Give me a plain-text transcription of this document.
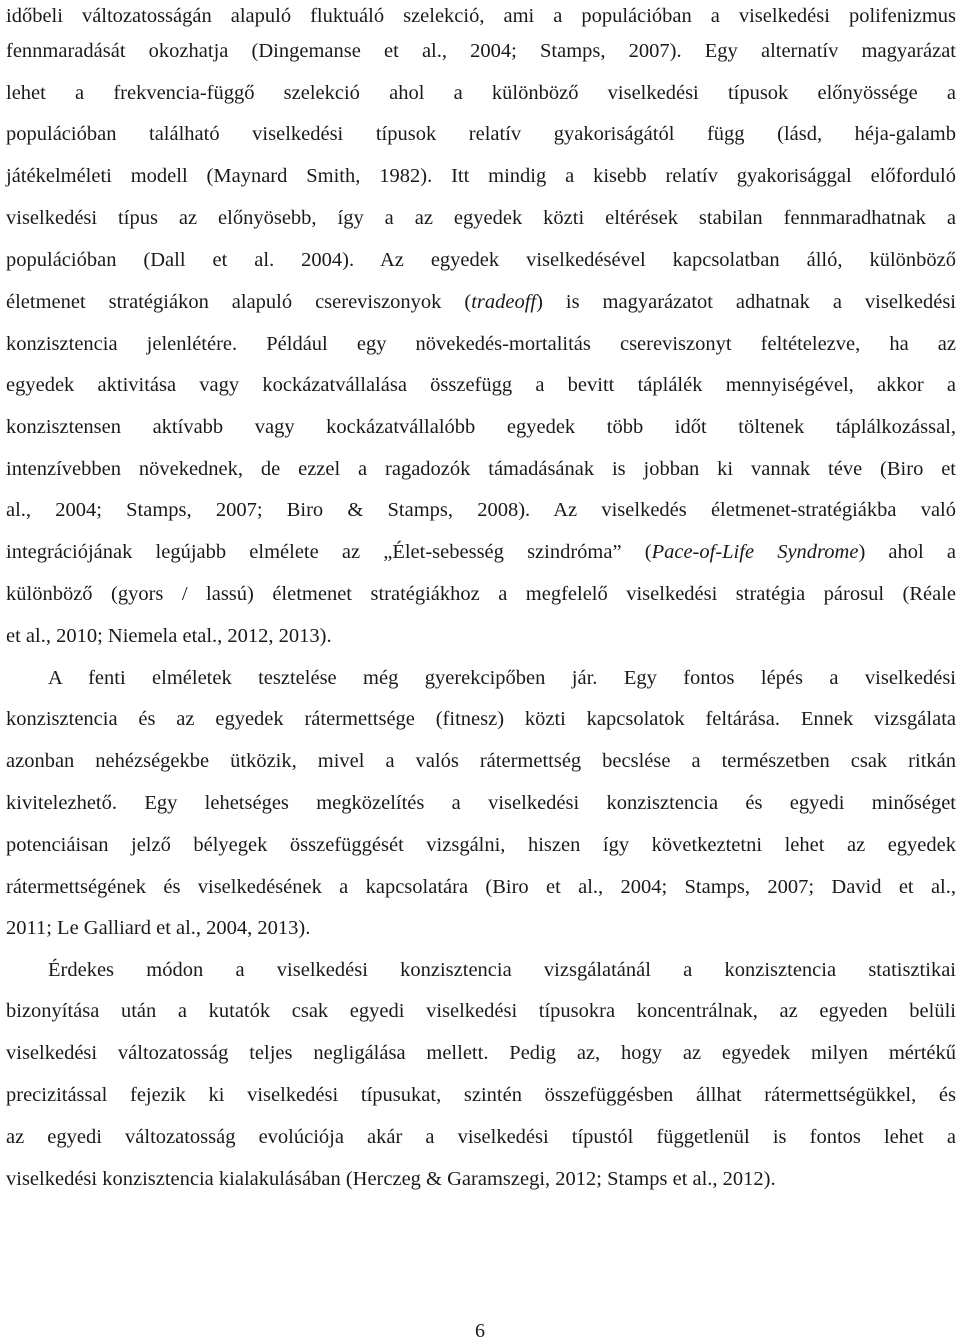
időbeli változatosságán alapuló fluktuáló szelekció, ami a populációban a viselkedési polifenizmus
fennmaradását okozhatja (Dingemanse et al., 2004; Stamps, 2007). Egy alternatív magyarázat
lehet a frekvencia-függő szelekció ahol a különböző viselkedési típusok előnyössége a
populációban található viselkedési típusok relatív gyakoriságától függ (lásd, héja-galamb
játékelméleti modell (Maynard Smith, 1982). Itt mindig a kisebb relatív gyakorisággal előforduló
viselkedési típus az előnyösebb, így a az egyedek közti eltérések stabilan fennmaradhatnak a
populációban (Dall et al. 2004). Az egyedek viselkedésével kapcsolatban álló, különböző
életmenet stratégiákon alapuló csereviszonyok (tradeoff) is magyarázatot adhatnak a viselkedési
konzisztencia jelenlétére. Például egy növekedés-mortalitás csereviszonyt feltételezve, ha az
egyedek aktivitása vagy kockázatvállalása összefügg a bevitt táplálék mennyiségével, akkor a
konzisztensen aktívabb vagy kockázatvállalóbb egyedek több időt töltenek táplálkozással,
intenzívebben növekednek, de ezzel a ragadozók támadásának is jobban ki vannak téve (Biro et
al., 2004; Stamps, 2007; Biro & Stamps, 2008). Az viselkedés életmenet-stratégiákba való
integrációjának legújabb elmélete az „Élet-sebesség szindróma” (Pace-of-Life Syndrome) ahol a
különböző (gyors / lassú) életmenet stratégiákhoz a megfelelő viselkedési stratégia párosul (Réale
et al., 2010; Niemela etal., 2012, 2013).
A fenti elméletek tesztelése még gyerekcipőben jár. Egy fontos lépés a viselkedési
konzisztencia és az egyedek rátermettsége (fitnesz) közti kapcsolatok feltárása. Ennek vizsgálata
azonban nehézségekbe ütközik, mivel a valós rátermettség becslése a természetben csak ritkán
kivitelezhető. Egy lehetséges megközelítés a viselkedési konzisztencia és egyedi minőséget
potenciáisan jelző bélyegek összefüggését vizsgálni, hiszen így következtetni lehet az egyedek
rátermettségének és viselkedésének a kapcsolatára (Biro et al., 2004; Stamps, 2007; David et al.,
2011; Le Galliard et al., 2004, 2013).
Érdekes módon a viselkedési konzisztencia vizsgálatánál a konzisztencia statisztikai
bizonyítása után a kutatók csak egyedi viselkedési típusokra koncentrálnak, az egyeden belüli
viselkedési változatosság teljes negligálása mellett. Pedig az, hogy az egyedek milyen mértékű
precizitással fejezik ki viselkedési típusukat, szintén összefüggésben állhat rátermettségükkel, és
az egyedi változatosság evolúciója akár a viselkedési típustól függetlenül is fontos lehet a
viselkedési konzisztencia kialakulásában (Herczeg & Garamszegi, 2012; Stamps et al., 2012).
6
